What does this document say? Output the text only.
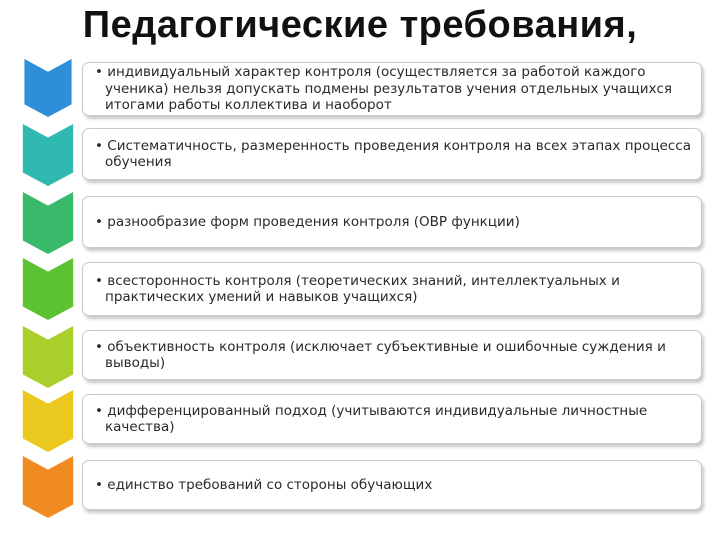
Педагогические требования,
• индивидуальный характер контроля (осуществляется за работой каждого ученика) нельзя допускать подмены результатов учения отдельных учащихся итогами работы коллектива и наоборот
• Систематичность, размеренность проведения контроля на всех этапах процесса обучения
• разнообразие форм проведения контроля (ОВР функции)
• всесторонность контроля (теоретических знаний, интеллектуальных и практических умений и навыков учащихся)
• объективность контроля (исключает субъективные и ошибочные суждения и выводы)
• дифференцированный подход (учитываются индивидуальные личностные качества)
• единство требований со стороны обучающих
